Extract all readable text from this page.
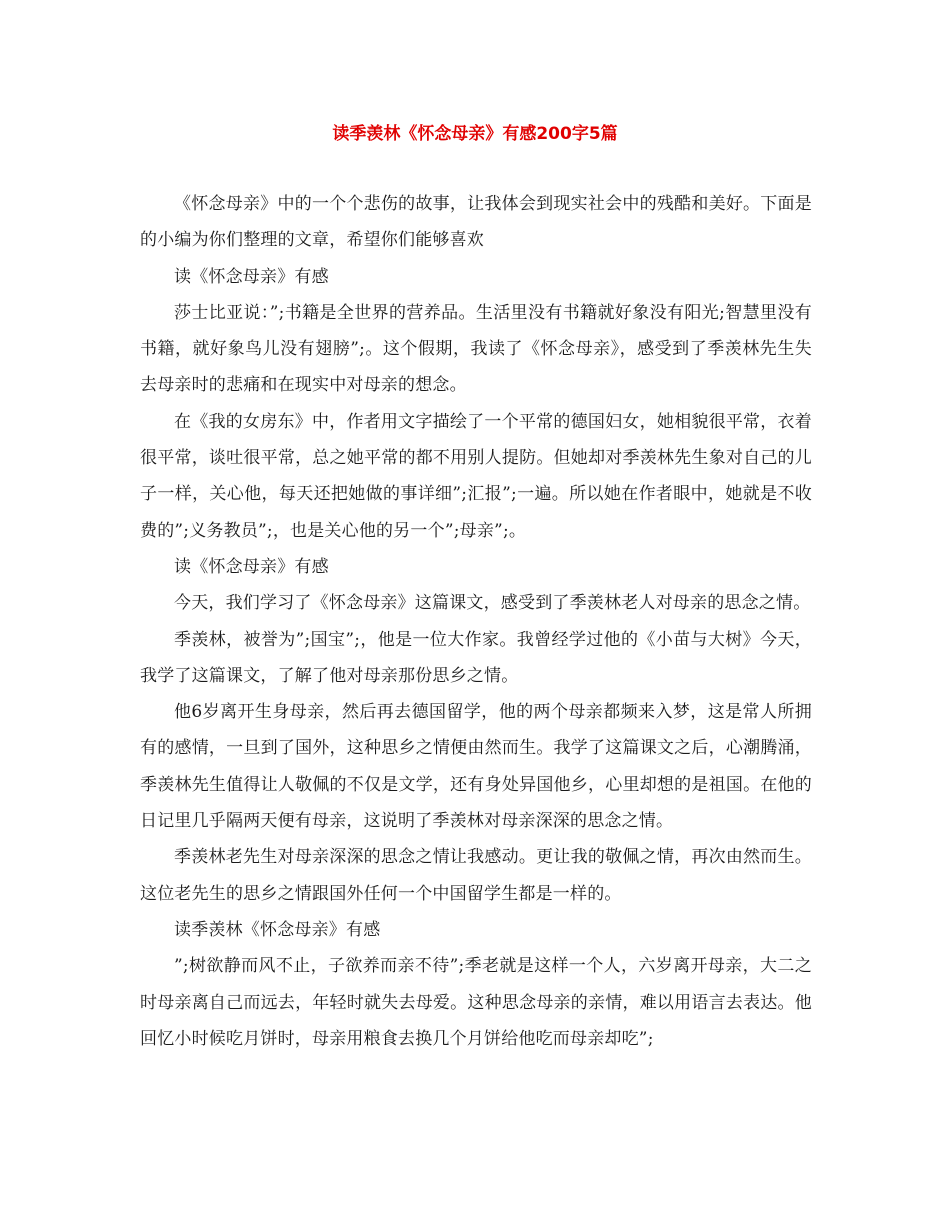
读季羡林《怀念母亲》有感200字5篇

《怀念母亲》中的一个个悲伤的故事，让我体会到现实社会中的残酷和美好。下面是的小编为你们整理的文章，希望你们能够喜欢

读《怀念母亲》有感

莎士比亚说：”;书籍是全世界的营养品。生活里没有书籍就好象没有阳光;智慧里没有书籍，就好象鸟儿没有翅膀”;。这个假期，我读了《怀念母亲》，感受到了季羡林先生失去母亲时的悲痛和在现实中对母亲的想念。

在《我的女房东》中，作者用文字描绘了一个平常的德国妇女，她相貌很平常，衣着很平常，谈吐很平常，总之她平常的都不用别人提防。但她却对季羡林先生象对自己的儿子一样，关心他，每天还把她做的事详细”;汇报”;一遍。所以她在作者眼中，她就是不收费的”;义务教员”;，也是关心他的另一个”;母亲”;。

读《怀念母亲》有感

今天，我们学习了《怀念母亲》这篇课文，感受到了季羡林老人对母亲的思念之情。

季羡林，被誉为”;国宝”;，他是一位大作家。我曾经学过他的《小苗与大树》今天，我学了这篇课文，了解了他对母亲那份思乡之情。

他6岁离开生身母亲，然后再去德国留学，他的两个母亲都频来入梦，这是常人所拥有的感情，一旦到了国外，这种思乡之情便由然而生。我学了这篇课文之后，心潮腾涌，季羡林先生值得让人敬佩的不仅是文学，还有身处异国他乡，心里却想的是祖国。在他的日记里几乎隔两天便有母亲，这说明了季羡林对母亲深深的思念之情。

季羡林老先生对母亲深深的思念之情让我感动。更让我的敬佩之情，再次由然而生。这位老先生的思乡之情跟国外任何一个中国留学生都是一样的。

读季羡林《怀念母亲》有感

”;树欲静而风不止，子欲养而亲不待”;季老就是这样一个人，六岁离开母亲，大二之时母亲离自己而远去，年轻时就失去母爱。这种思念母亲的亲情，难以用语言去表达。他回忆小时候吃月饼时，母亲用粮食去换几个月饼给他吃而母亲却吃”;
